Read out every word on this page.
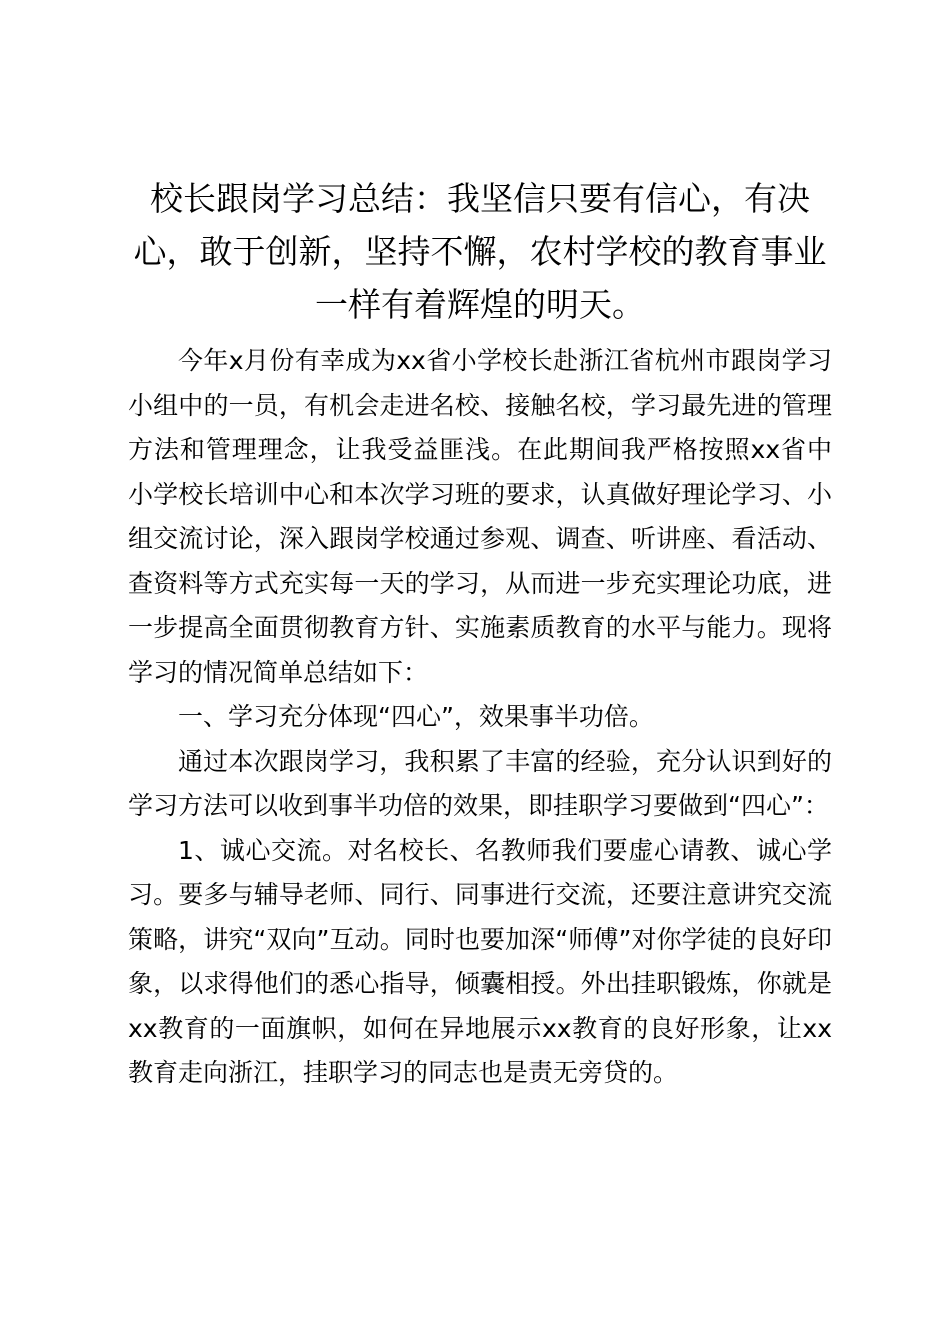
校长跟岗学习总结：我坚信只要有信心，有决心，敢于创新，坚持不懈，农村学校的教育事业一样有着辉煌的明天。

今年x月份有幸成为xx省小学校长赴浙江省杭州市跟岗学习小组中的一员，有机会走进名校、接触名校，学习最先进的管理方法和管理理念，让我受益匪浅。在此期间我严格按照xx省中小学校长培训中心和本次学习班的要求，认真做好理论学习、小组交流讨论，深入跟岗学校通过参观、调查、听讲座、看活动、查资料等方式充实每一天的学习，从而进一步充实理论功底，进一步提高全面贯彻教育方针、实施素质教育的水平与能力。现将学习的情况简单总结如下：

一、学习充分体现“四心”，效果事半功倍。

通过本次跟岗学习，我积累了丰富的经验，充分认识到好的学习方法可以收到事半功倍的效果，即挂职学习要做到“四心”：

1、诚心交流。对名校长、名教师我们要虚心请教、诚心学习。要多与辅导老师、同行、同事进行交流，还要注意讲究交流策略，讲究“双向”互动。同时也要加深“师傅”对你学徒的良好印象，以求得他们的悉心指导，倾囊相授。外出挂职锻炼，你就是xx教育的一面旗帜，如何在异地展示xx教育的良好形象，让xx教育走向浙江，挂职学习的同志也是责无旁贷的。
